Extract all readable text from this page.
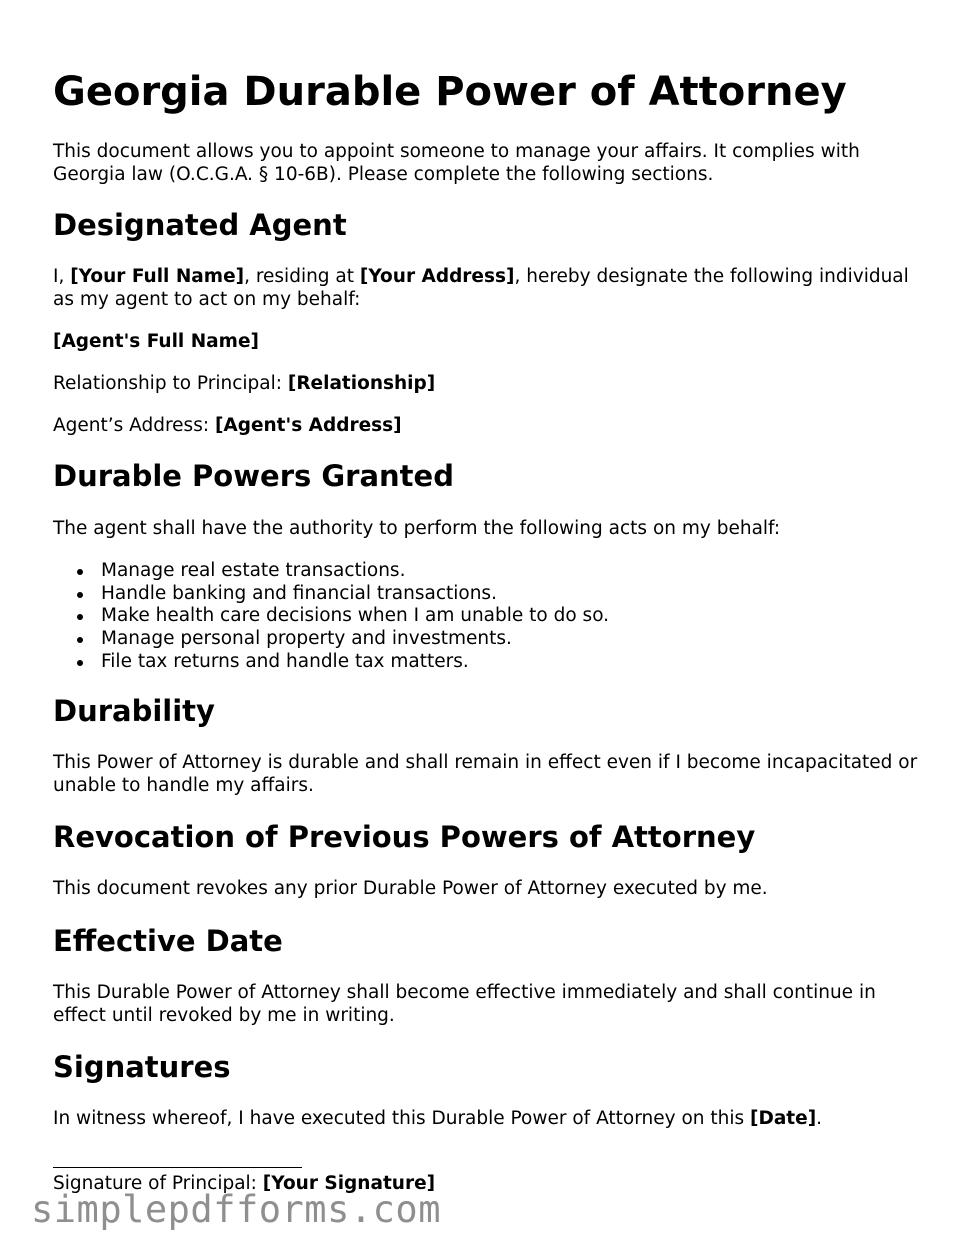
Georgia Durable Power of Attorney

This document allows you to appoint someone to manage your affairs. It complies with Georgia law (O.C.G.A. § 10-6B). Please complete the following sections.

Designated Agent

I, [Your Full Name], residing at [Your Address], hereby designate the following individual as my agent to act on my behalf:

[Agent's Full Name]

Relationship to Principal: [Relationship]

Agent’s Address: [Agent's Address]

Durable Powers Granted

The agent shall have the authority to perform the following acts on my behalf:

Manage real estate transactions.
Handle banking and financial transactions.
Make health care decisions when I am unable to do so.
Manage personal property and investments.
File tax returns and handle tax matters.
Durability

This Power of Attorney is durable and shall remain in effect even if I become incapacitated or unable to handle my affairs.

Revocation of Previous Powers of Attorney

This document revokes any prior Durable Power of Attorney executed by me.

Effective Date

This Durable Power of Attorney shall become effective immediately and shall continue in effect until revoked by me in writing.

Signatures

In witness whereof, I have executed this Durable Power of Attorney on this [Date].

Signature of Principal: [Your Signature]

simplepdfforms.com
